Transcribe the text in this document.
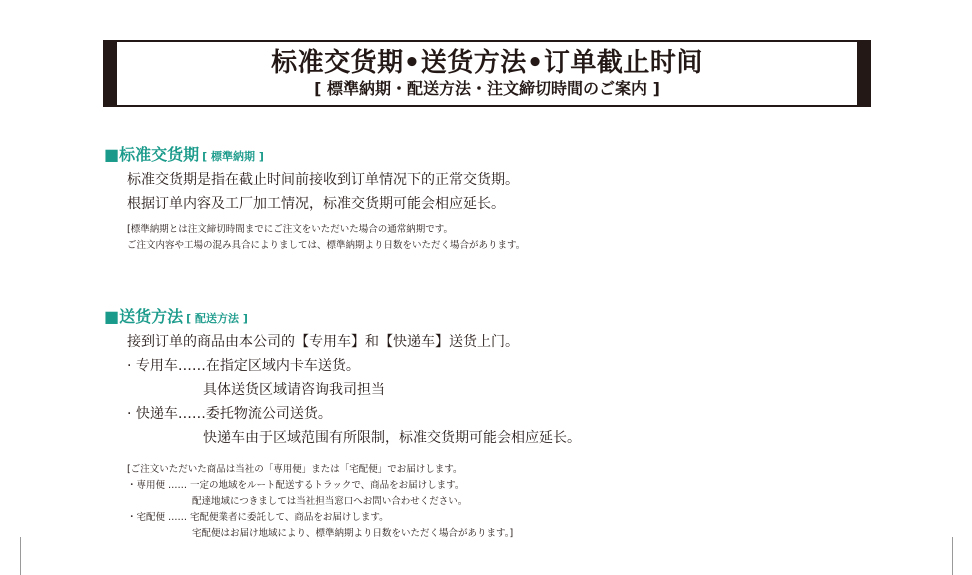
标准交货期•送货方法•订单截止时间
[ 標準納期・配送方法・注文締切時間のご案内 ]
■标准交货期 [ 標準納期 ]
标准交货期是指在截止时间前接收到订单情况下的正常交货期。
根据订单内容及工厂加工情况，标准交货期可能会相应延长。
[標準納期とは注文締切時間までにご注文をいただいた場合の通常納期です。
ご注文内容や工場の混み具合によりましては、標準納期より日数をいただく場合があります。
■送货方法 [ 配送方法 ]
接到订单的商品由本公司的【专用车】和【快递车】送货上门。
· 专用车……在指定区域内卡车送货。
具体送货区域请咨询我司担当
· 快递车……委托物流公司送货。
快递车由于区域范围有所限制，标准交货期可能会相应延长。
[ご注文いただいた商品は当社の「専用便」または「宅配便」でお届けします。
・専用便 …… 一定の地域をルート配送するトラックで、商品をお届けします。
配達地域につきましては当社担当窓口へお問い合わせください。
・宅配便 …… 宅配便業者に委託して、商品をお届けします。
宅配便はお届け地域により、標準納期より日数をいただく場合があります。]
